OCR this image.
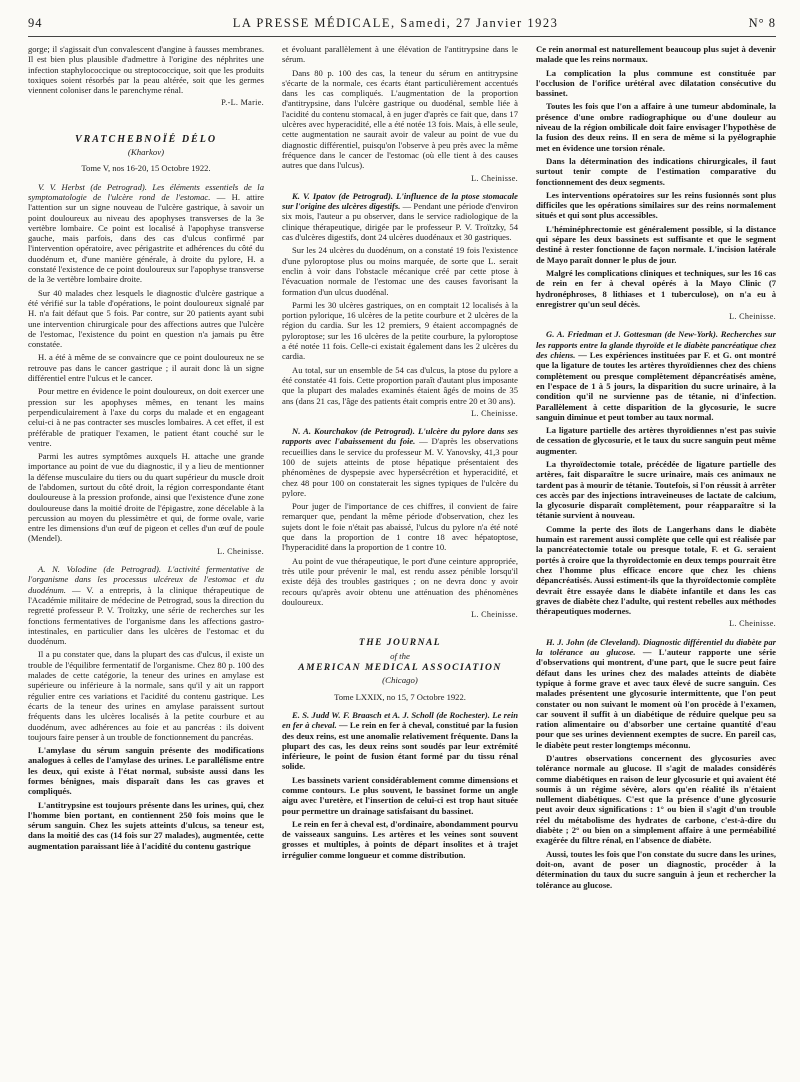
94	LA PRESSE MÉDICALE, Samedi, 27 Janvier 1923	N° 8

gorge; il s'agissait d'un convalescent d'angine à fausses membranes. Il est bien plus plausible d'admettre à l'origine des néphrites une infection staphylococcique ou streptococcique, soit que les produits toxiques soient résorbés par la peau altérée, soit que les germes viennent coloniser dans le parenchyme rénal.

P.-L. Marie.
VRATCHEBNOÏÉ DÉLO
(Kharkov)
Tome V, nos 16-20, 15 Octobre 1922.

V. V. Herbst (de Petrograd). Les éléments essentiels de la symptomatologie de l'ulcère rond de l'estomac. — H. attire l'attention sur un signe nouveau de l'ulcère gastrique, à savoir un point douloureux au niveau des apophyses transverses de la 3e vertèbre lombaire. Ce point est localisé à l'apophyse transverse gauche, mais parfois, dans des cas d'ulcus confirmé par l'intervention opératoire, avec périgastrite et adhérences du côté du duodénum et, d'une manière générale, à droite du pylore, H. a constaté l'existence de ce point douloureux sur l'apophyse transverse de la 3e vertèbre lombaire droite.

Sur 40 malades chez lesquels le diagnostic d'ulcère gastrique a été vérifié sur la table d'opérations, le point douloureux signalé par H. n'a fait défaut que 5 fois. Par contre, sur 20 patients ayant subi une intervention chirurgicale pour des affections autres que l'ulcère de l'estomac, l'existence du point en question n'a jamais pu être constatée.

H. a été à même de se convaincre que ce point douloureux ne se retrouve pas dans le cancer gastrique ; il aurait donc là un signe différentiel entre l'ulcus et le cancer.

Pour mettre en évidence le point douloureux, on doit exercer une pression sur les apophyses mêmes, en tenant les mains perpendiculairement à l'axe du corps du malade et en engageant celui-ci à ne pas contracter ses muscles lombaires. A cet effet, il est préférable de pratiquer l'examen, le patient étant couché sur le ventre.

Parmi les autres symptômes auxquels H. attache une grande importance au point de vue du diagnostic, il y a lieu de mentionner la défense musculaire du tiers ou du quart supérieur du muscle droit de l'abdomen, surtout du côté droit, la région correspondante étant douloureuse à la pression profonde, ainsi que l'existence d'une zone douloureuse dans la moitié droite de l'épigastre, zone décelable à la percussion au moyen du plessimètre et qui, de forme ovale, varie entre les dimensions d'un œuf de pigeon et celles d'un œuf de poule (Mendel).

L. Cheinisse.

A. N. Volodine (de Petrograd). L'activité fermentative de l'organisme dans les processus ulcéreux de l'estomac et du duodénum. — V. a entrepris, à la clinique thérapeutique de l'Académie militaire de médecine de Petrograd, sous la direction du regretté professeur P. V. Troïtzky, une série de recherches sur les fonctions fermentatives de l'organisme dans les affections gastro-intestinales, en particulier dans les ulcères de l'estomac et du duodénum.

Il a pu constater que, dans la plupart des cas d'ulcus, il existe un trouble de l'équilibre fermentatif de l'organisme. Chez 80 p. 100 des malades de cette catégorie, la teneur des urines en amylase est supérieure ou inférieure à la normale, sans qu'il y ait un rapport régulier entre ces variations et l'acidité du contenu gastrique. Les écarts de la teneur des urines en amylase paraissent surtout fréquents dans les ulcères localisés à la petite courbure et au duodénum, avec adhérences au foie et au pancréas : ils doivent toujours faire penser à un trouble de fonctionnement du pancréas.

L'amylase du sérum sanguin présente des modifications analogues à celles de l'amylase des urines. Le parallélisme entre les deux, qui existe à l'état normal, subsiste aussi dans les formes bénignes, mais disparaît dans les cas graves et compliqués.

L'antitrypsine est toujours présente dans les urines, qui, chez l'homme bien portant, en contiennent 250 fois moins que le sérum sanguin. Chez les sujets atteints d'ulcus, sa teneur est, dans la moitié des cas (14 fois sur 27 malades), augmentée, cette augmentation paraissant liée à l'acidité du contenu gastrique

et évoluant parallèlement à une élévation de l'antitrypsine dans le sérum.

Dans 80 p. 100 des cas, la teneur du sérum en antitrypsine s'écarte de la normale, ces écarts étant particulièrement accentués dans les cas compliqués. L'augmentation de la proportion d'antitrypsine, dans l'ulcère gastrique ou duodénal, semble liée à l'acidité du contenu stomacal, à en juger d'après ce fait que, dans 17 ulcères avec hyperacidité, elle a été notée 13 fois. Mais, à elle seule, cette augmentation ne saurait avoir de valeur au point de vue du diagnostic différentiel, puisqu'on l'observe à peu près avec la même fréquence dans le cancer de l'estomac (où elle tient à des causes autres que dans l'ulcus).

L. Cheinisse.

K. V. Ipatov (de Petrograd). L'influence de la ptose stomacale sur l'origine des ulcères digestifs. — Pendant une période d'environ six mois, l'auteur a pu observer, dans le service radiologique de la clinique thérapeutique, dirigée par le professeur P. V. Troïtzky, 54 cas d'ulcères digestifs, dont 24 ulcères duodénaux et 30 gastriques.

Sur les 24 ulcères du duodénum, on a constaté 19 fois l'existence d'une pyloroptose plus ou moins marquée, de sorte que L. serait enclin à voir dans l'obstacle mécanique créé par cette ptose à l'évacuation normale de l'estomac une des causes favorisant la formation d'un ulcus duodénal.

Parmi les 30 ulcères gastriques, on en comptait 12 localisés à la portion pylorique, 16 ulcères de la petite courbure et 2 ulcères de la région du cardia. Sur les 12 premiers, 9 étaient accompagnés de pyloroptose; sur les 16 ulcères de la petite courbure, la pyloroptose a été notée 11 fois. Celle-ci existait également dans les 2 ulcères du cardia.

Au total, sur un ensemble de 54 cas d'ulcus, la ptose du pylore a été constatée 41 fois. Cette proportion paraît d'autant plus imposante que la plupart des malades examinés étaient âgés de moins de 35 ans (dans 21 cas, l'âge des patients était compris entre 20 et 30 ans).

L. Cheinisse.

N. A. Kourchakov (de Petrograd). L'ulcère du pylore dans ses rapports avec l'abaissement du foie. — D'après les observations recueillies dans le service du professeur M. V. Yanovsky, 41,3 pour 100 de sujets atteints de ptose hépatique présentaient des phénomènes de dyspepsie avec hypersécrétion et hyperacidité, et chez 48 pour 100 on constaterait les signes typiques de l'ulcère du pylore.

Pour juger de l'importance de ces chiffres, il convient de faire remarquer que, pendant la même période d'observation, chez les sujets dont le foie n'était pas abaissé, l'ulcus du pylore n'a été noté que dans la proportion de 1 contre 18 avec hépatoptose, l'hyperacidité dans la proportion de 1 contre 10.

Au point de vue thérapeutique, le port d'une ceinture appropriée, très utile pour prévenir le mal, est rendu assez pénible lorsqu'il existe déjà des troubles gastriques ; on ne devra donc y avoir recours qu'après avoir obtenu une atténuation des phénomènes douloureux.

L. Cheinisse.
THE JOURNAL
of the
AMERICAN MEDICAL ASSOCIATION
(Chicago)
Tome LXXIX, no 15, 7 Octobre 1922.

E. S. Judd W. F. Braasch et A. J. Scholl (de Rochester). Le rein en fer à cheval. — Le rein en fer à cheval, constitué par la fusion des deux reins, est une anomalie relativement fréquente. Dans la plupart des cas, les deux reins sont soudés par leur extrémité inférieure, le point de fusion étant formé par du tissu rénal solide.

Les bassinets varient considérablement comme dimensions et comme contours. Le plus souvent, le bassinet forme un angle aigu avec l'uretère, et l'insertion de celui-ci est trop haut située pour permettre un drainage satisfaisant du bassinet.

Le rein en fer à cheval est, d'ordinaire, abondamment pourvu de vaisseaux sanguins. Les artères et les veines sont souvent grosses et multiples, à points de départ insolites et à trajet irrégulier comme longueur et comme distribution.

Ce rein anormal est naturellement beaucoup plus sujet à devenir malade que les reins normaux.

La complication la plus commune est constituée par l'occlusion de l'orifice urétéral avec dilatation consécutive du bassinet.

Toutes les fois que l'on a affaire à une tumeur abdominale, la présence d'une ombre radiographique ou d'une douleur au niveau de la région ombilicale doit faire envisager l'hypothèse de la fusion des deux reins. Il en sera de même si la pyélographie met en évidence une torsion rénale.

Dans la détermination des indications chirurgicales, il faut surtout tenir compte de l'estimation comparative du fonctionnement des deux segments.

Les interventions opératoires sur les reins fusionnés sont plus difficiles que les opérations similaires sur des reins normalement situés et qui sont plus accessibles.

L'héminéphrectomie est généralement possible, si la distance qui sépare les deux bassinets est suffisante et que le segment destiné à rester fonctionne de façon normale. L'incision latérale de Mayo paraît donner le plus de jour.

Malgré les complications cliniques et techniques, sur les 16 cas de rein en fer à cheval opérés à la Mayo Clinic (7 hydronéphroses, 8 lithiases et 1 tuberculose), on n'a eu à enregistrer qu'un seul décès.

L. Cheinisse.

G. A. Friedman et J. Gottesman (de New-York). Recherches sur les rapports entre la glande thyroïde et le diabète pancréatique chez des chiens. — Les expériences instituées par F. et G. ont montré que la ligature de toutes les artères thyroïdiennes chez des chiens complètement ou presque complètement dépancréatisés amène, en l'espace de 1 à 5 jours, la disparition du sucre urinaire, à la condition qu'il ne survienne pas de tétanie, ni d'infection. Parallèlement à cette disparition de la glycosurie, le sucre sanguin diminue et peut tomber au taux normal.

La ligature partielle des artères thyroïdiennes n'est pas suivie de cessation de glycosurie, et le taux du sucre sanguin peut même augmenter.

La thyroïdectomie totale, précédée de ligature partielle des artères, fait disparaître le sucre urinaire, mais ces animaux ne tardent pas à mourir de tétanie. Toutefois, si l'on réussit à arrêter ces accès par des injections intraveineuses de lactate de calcium, la glycosurie disparaît complètement, pour réapparaître si la tétanie survient à nouveau.

Comme la perte des îlots de Langerhans dans le diabète humain est rarement aussi complète que celle qui est réalisée par la pancréatectomie totale ou presque totale, F. et G. seraient portés à croire que la thyroïdectomie en deux temps pourrait être chez l'homme plus efficace encore que chez les chiens dépancréatisés. Aussi estiment-ils que la thyroïdectomie complète devrait être essayée dans le diabète infantile et dans les cas graves de diabète chez l'adulte, qui restent rebelles aux méthodes thérapeutiques modernes.

L. Cheinisse.

H. J. John (de Cleveland). Diagnostic différentiel du diabète par la tolérance au glucose. — L'auteur rapporte une série d'observations qui montrent, d'une part, que le sucre peut faire défaut dans les urines chez des malades atteints de diabète typique à forme grave et avec taux élevé de sucre sanguin. Ces malades présentent une glycosurie intermittente, que l'on peut constater ou non suivant le moment où l'on procède à l'examen, car souvent il suffit à un diabétique de réduire quelque peu sa ration alimentaire ou d'absorber une certaine quantité d'eau pour que ses urines deviennent exemptes de sucre. En pareil cas, le diabète peut rester longtemps méconnu.

D'autres observations concernent des glycosuries avec tolérance normale au glucose. Il s'agit de malades considérés comme diabétiques en raison de leur glycosurie et qui avaient été soumis à un régime sévère, alors qu'en réalité ils n'étaient nullement diabétiques. C'est que la présence d'une glycosurie peut avoir deux significations : 1° ou bien il s'agit d'un trouble réel du métabolisme des hydrates de carbone, c'est-à-dire du diabète ; 2° ou bien on a simplement affaire à une perméabilité exagérée du filtre rénal, en l'absence de diabète.

Aussi, toutes les fois que l'on constate du sucre dans les urines, doit-on, avant de poser un diagnostic, procéder à la détermination du taux du sucre sanguin à jeun et rechercher la tolérance au glucose.
